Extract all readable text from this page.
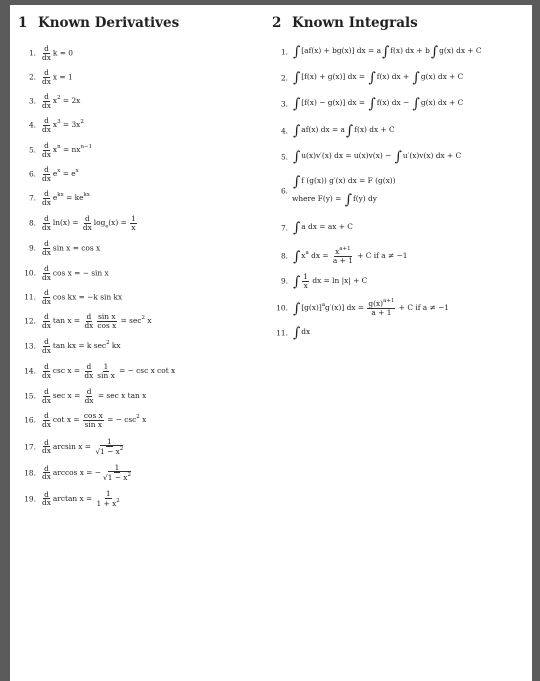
1 Known Derivatives	2 Known Integrals
1. $\frac{d}{dx}$ k = 0
2. $\frac{d}{dx}$ x = 1
3. $\frac{d}{dx} x^2 = 2x$
4. $\frac{d}{dx} x^3 = 3x^2$
5. $\frac{d}{dx} x^n = nx^{n-1}$
6. $\frac{d}{dx} e^x = e^x$
7. $\frac{d}{dx} e^{kx} = ke^{kx}$
8. $\frac{d}{dx} \ln(x) = \frac{d}{dx} \log_e(x) = \frac{1}{x}$
9. $\frac{d}{dx}$ sin x = cos x
10. $\frac{d}{dx}$ cos x = − sin x
11. $\frac{d}{dx}$ cos kx = −k sin kx
12. $\frac{d}{dx}$ $\tan x = \frac{d}{dx} \frac{\text{sin x}}{\text{cos x}} = \sec^2 x$
13. $\frac{d}{dx}$ tan kx = k $\sec^2$ kx
14. $\frac{d}{dx}$ $\csc x = \frac{d}{dx} \frac{1}{\text{sin x}}$ = − csc x cot x
15. $\frac{d}{dx}$ $\sec x = \frac{d}{dx} = \sec x$ tan x
16. $\frac{d}{dx}$ $\cot x = \frac{\text{cos x}}{\text{sin x}}$ = − $\csc^2 x$
17. $\frac{d}{dx}$ $\arcsin x = \frac{1}{√1 - x^2}$
18. $\frac{d}{dx}$ arccos x = − $\frac{1}{√1 - x^2}$
19. $\frac{d}{dx}$ $\arctan x = \frac{1}{1 + x^2}$
1. ∫[af(x) + bg(x)] dx = a∫f(x) dx + b∫g(x) dx + C
2. ∫[f(x) + g(x)] dx = ∫f(x) dx + ∫g(x) dx + C
3. ∫[f(x) − g(x)] dx = ∫f(x) dx − ∫g(x) dx + C
4. ∫af(x) dx = a∫f(x) dx + C
5. ∫u(x)v′(x) dx = u(x)v(x) − ∫u′(x)v(x) dx + C
6.
∫f (g(x)) g′(x) dx = F (g(x))
where F(y) = ∫f(y) dy
7. ∫a dx = ax + C
8. $\int x^a$ dx = $\frac{x^{a+1}}{a + 1} + C$ if a ≠ −1
9. ∫ $\frac{1}{x}$ dx = ln |x| + C
10. $\int[g(x)]^ag'(x)$] dx = $\frac{g(x)^{a+1}}{a + 1} + C$ if a ≠ −1
11. ∫dx
